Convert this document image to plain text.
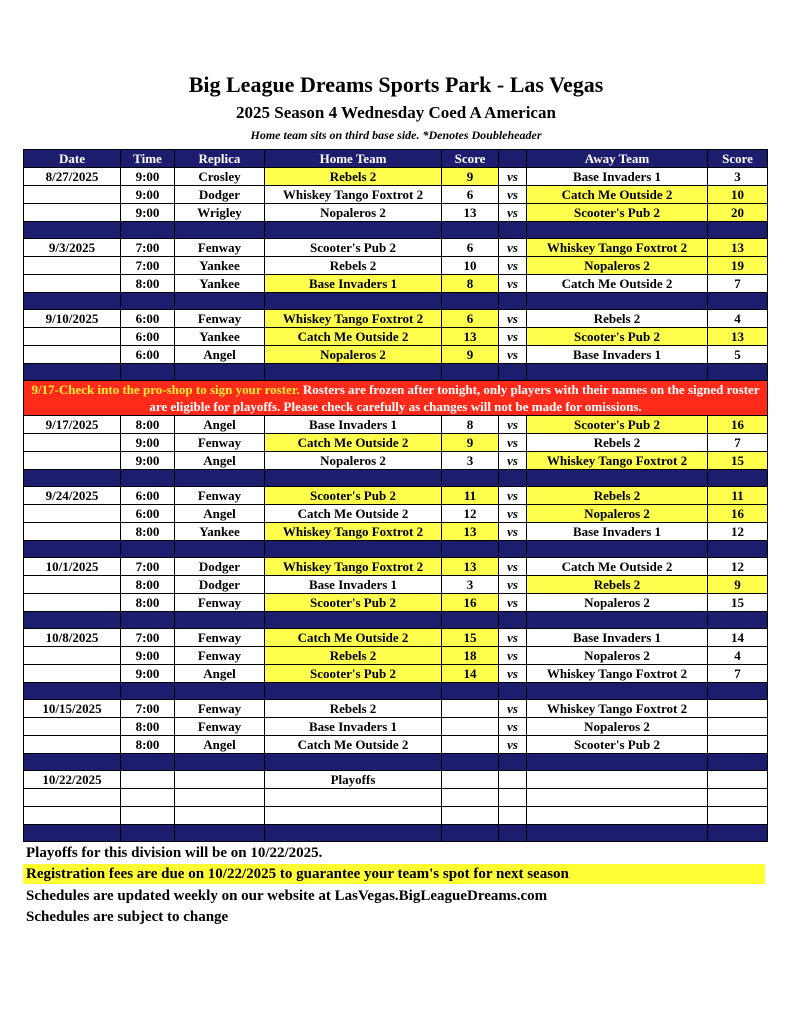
Big League Dreams Sports Park - Las Vegas
2025 Season 4 Wednesday Coed A American

Home team sits on third base side. *Denotes Doubleheader

Date	Time	Replica	Home Team	Score		Away Team	Score
8/27/2025	9:00	Crosley	Rebels 2	9	vs	Base Invaders 1	3
	9:00	Dodger	Whiskey Tango Foxtrot 2	6	vs	Catch Me Outside 2	10
	9:00	Wrigley	Nopaleros 2	13	vs	Scooter's Pub 2	20

9/3/2025	7:00	Fenway	Scooter's Pub 2	6	vs	Whiskey Tango Foxtrot 2	13
	7:00	Yankee	Rebels 2	10	vs	Nopaleros 2	19
	8:00	Yankee	Base Invaders 1	8	vs	Catch Me Outside 2	7

9/10/2025	6:00	Fenway	Whiskey Tango Foxtrot 2	6	vs	Rebels 2	4
	6:00	Yankee	Catch Me Outside 2	13	vs	Scooter's Pub 2	13
	6:00	Angel	Nopaleros 2	9	vs	Base Invaders 1	5

9/17-Check into the pro-shop to sign your roster. Rosters are frozen after tonight, only players with their names on the signed roster are eligible for playoffs. Please check carefully as changes will not be made for omissions.							
9/17/2025	8:00	Angel	Base Invaders 1	8	vs	Scooter's Pub 2	16
	9:00	Fenway	Catch Me Outside 2	9	vs	Rebels 2	7
	9:00	Angel	Nopaleros 2	3	vs	Whiskey Tango Foxtrot 2	15

9/24/2025	6:00	Fenway	Scooter's Pub 2	11	vs	Rebels 2	11
	6:00	Angel	Catch Me Outside 2	12	vs	Nopaleros 2	16
	8:00	Yankee	Whiskey Tango Foxtrot 2	13	vs	Base Invaders 1	12

10/1/2025	7:00	Dodger	Whiskey Tango Foxtrot 2	13	vs	Catch Me Outside 2	12
	8:00	Dodger	Base Invaders 1	3	vs	Rebels 2	9
	8:00	Fenway	Scooter's Pub 2	16	vs	Nopaleros 2	15

10/8/2025	7:00	Fenway	Catch Me Outside 2	15	vs	Base Invaders 1	14
	9:00	Fenway	Rebels 2	18	vs	Nopaleros 2	4
	9:00	Angel	Scooter's Pub 2	14	vs	Whiskey Tango Foxtrot 2	7

10/15/2025	7:00	Fenway	Rebels 2		vs	Whiskey Tango Foxtrot 2	
	8:00	Fenway	Base Invaders 1		vs	Nopaleros 2	
	8:00	Angel	Catch Me Outside 2		vs	Scooter's Pub 2	

10/22/2025			Playoffs				

Playoffs for this division will be on 10/22/2025.

Registration fees are due on 10/22/2025 to guarantee your team's spot for next season

Schedules are updated weekly on our website at LasVegas.BigLeagueDreams.com

Schedules are subject to change
